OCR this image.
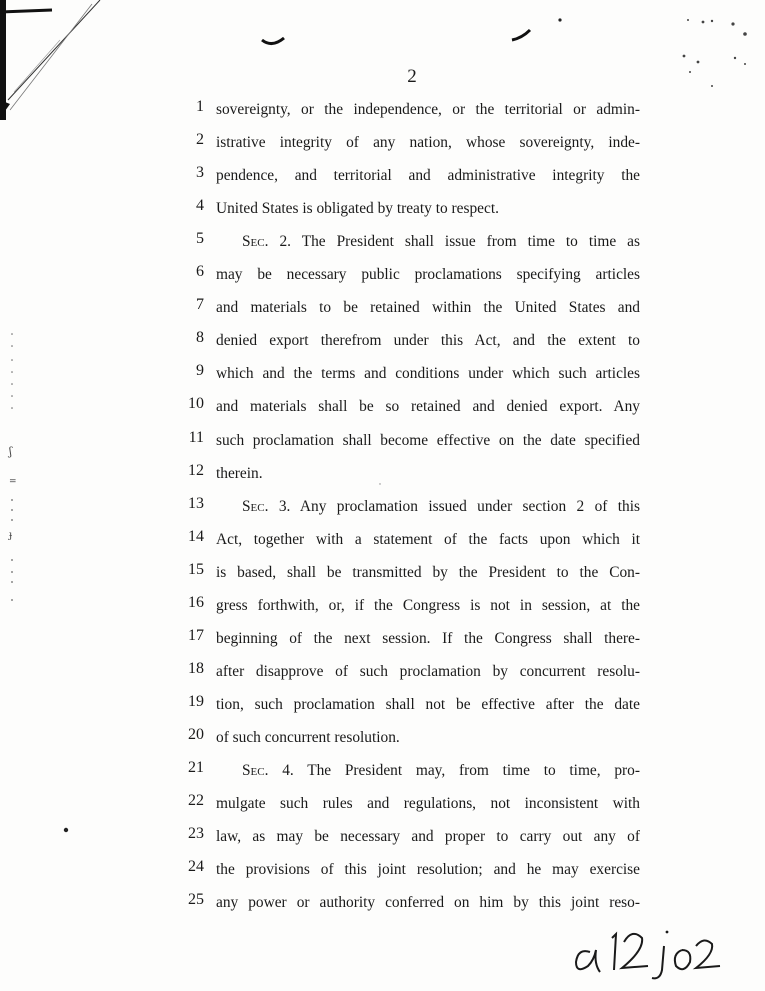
ʃ
=
ɟ
2
1 sovereignty, or the independence, or the territorial or admin-
2 istrative integrity of any nation, whose sovereignty, inde-
3 pendence, and territorial and administrative integrity the
4 United States is obligated by treaty to respect.
5 Sec. 2. The President shall issue from time to time as
6 may be necessary public proclamations specifying articles
7 and materials to be retained within the United States and
8 denied export therefrom under this Act, and the extent to
9 which and the terms and conditions under which such articles
10 and materials shall be so retained and denied export. Any
11 such proclamation shall become effective on the date specified
12 therein.
13 Sec. 3. Any proclamation issued under section 2 of this
14 Act, together with a statement of the facts upon which it
15 is based, shall be transmitted by the President to the Con-
16 gress forthwith, or, if the Congress is not in session, at the
17 beginning of the next session. If the Congress shall there-
18 after disapprove of such proclamation by concurrent resolu-
19 tion, such proclamation shall not be effective after the date
20 of such concurrent resolution.
21 Sec. 4. The President may, from time to time, pro-
22 mulgate such rules and regulations, not inconsistent with
23 law, as may be necessary and proper to carry out any of
24 the provisions of this joint resolution; and he may exercise
25 any power or authority conferred on him by this joint reso-
